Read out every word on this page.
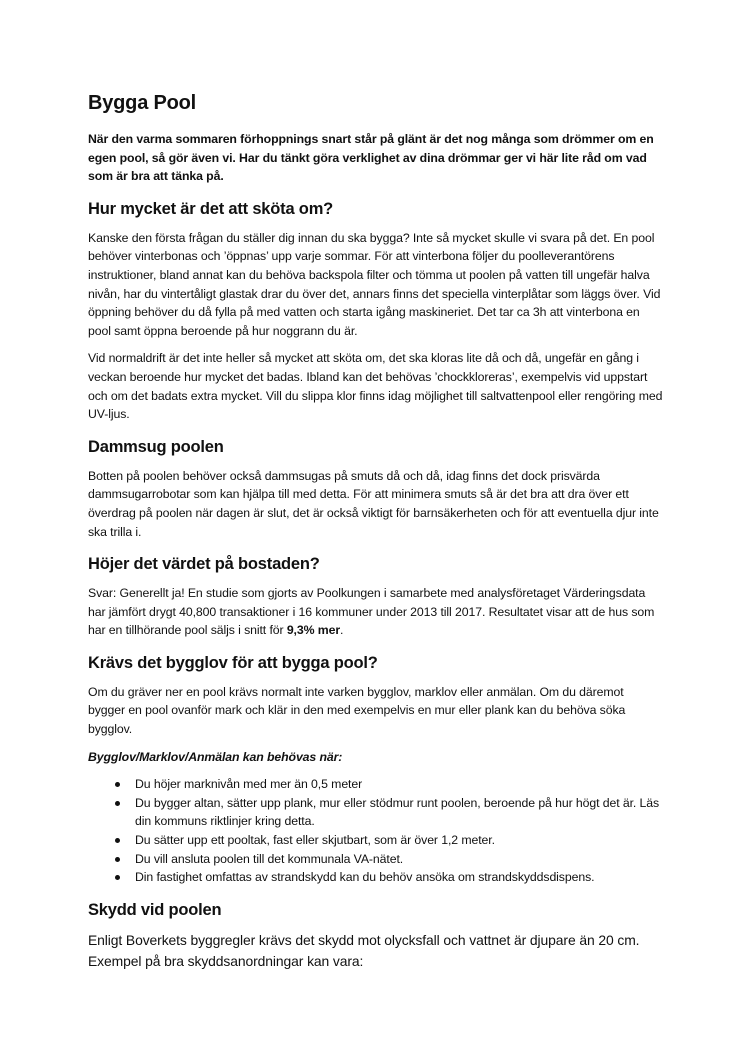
Bygga Pool

När den varma sommaren förhoppnings snart står på glänt är det nog många som drömmer om en egen pool, så gör även vi. Har du tänkt göra verklighet av dina drömmar ger vi här lite råd om vad som är bra att tänka på.

Hur mycket är det att sköta om?

Kanske den första frågan du ställer dig innan du ska bygga? Inte så mycket skulle vi svara på det. En pool behöver vinterbonas och ’öppnas’ upp varje sommar. För att vinterbona följer du poolleverantörens instruktioner, bland annat kan du behöva backspola filter och tömma ut poolen på vatten till ungefär halva nivån, har du vintertåligt glastak drar du över det, annars finns det speciella vinterplåtar som läggs över. Vid öppning behöver du då fylla på med vatten och starta igång maskineriet. Det tar ca 3h att vinterbona en pool samt öppna beroende på hur noggrann du är.

Vid normaldrift är det inte heller så mycket att sköta om, det ska kloras lite då och då, ungefär en gång i veckan beroende hur mycket det badas. Ibland kan det behövas ’chockkloreras’, exempelvis vid uppstart och om det badats extra mycket. Vill du slippa klor finns idag möjlighet till saltvattenpool eller rengöring med UV-ljus.

Dammsug poolen

Botten på poolen behöver också dammsugas på smuts då och då, idag finns det dock prisvärda dammsugarrobotar som kan hjälpa till med detta. För att minimera smuts så är det bra att dra över ett överdrag på poolen när dagen är slut, det är också viktigt för barnsäkerheten och för att eventuella djur inte ska trilla i.

Höjer det värdet på bostaden?

Svar: Generellt ja! En studie som gjorts av Poolkungen i samarbete med analysföretaget Värderingsdata har jämfört drygt 40,800 transaktioner i 16 kommuner under 2013 till 2017. Resultatet visar att de hus som har en tillhörande pool säljs i snitt för 9,3% mer.

Krävs det bygglov för att bygga pool?

Om du gräver ner en pool krävs normalt inte varken bygglov, marklov eller anmälan. Om du däremot bygger en pool ovanför mark och klär in den med exempelvis en mur eller plank kan du behöva söka bygglov.

Bygglov/Marklov/Anmälan kan behövas när:

Du höjer marknivån med mer än 0,5 meter
Du bygger altan, sätter upp plank, mur eller stödmur runt poolen, beroende på hur högt det är. Läs din kommuns riktlinjer kring detta.
Du sätter upp ett pooltak, fast eller skjutbart, som är över 1,2 meter.
Du vill ansluta poolen till det kommunala VA-nätet.
Din fastighet omfattas av strandskydd kan du behöv ansöka om strandskyddsdispens.
Skydd vid poolen

Enligt Boverkets byggregler krävs det skydd mot olycksfall och vattnet är djupare än 20 cm. Exempel på bra skyddsanordningar kan vara:
